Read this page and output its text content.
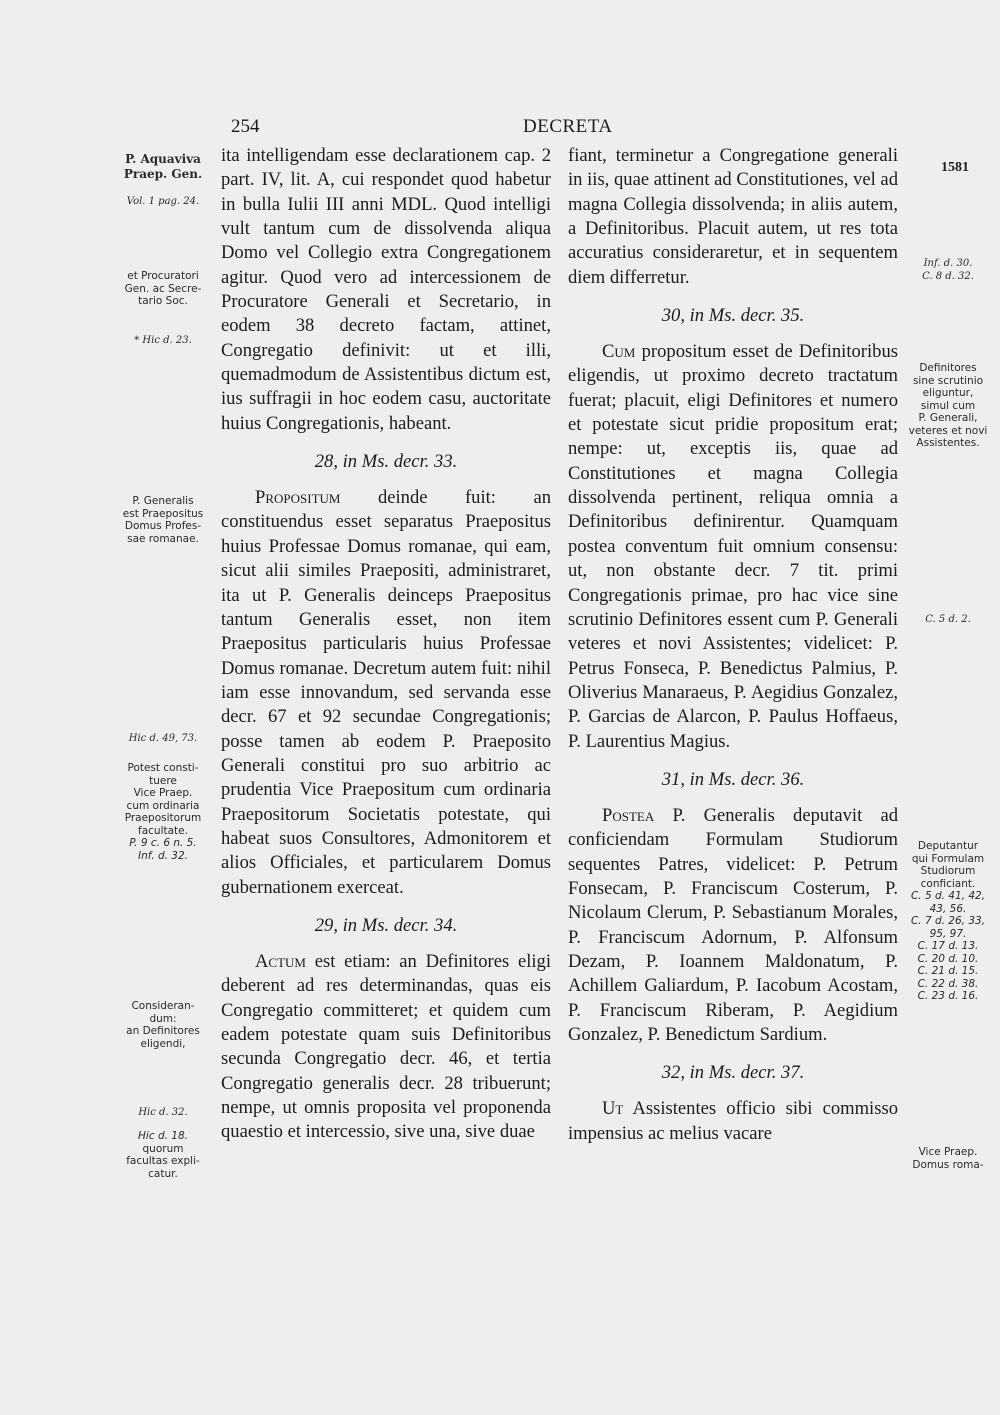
254	DECRETA
1581
P. Aquaviva
Praep. Gen.
Vol. 1 pag. 24.
et Procuratori
Gen. ac Secre-
tario Soc.
* Hic d. 23.
P. Generalis
est Praepositus
Domus Profes-
sae romanae.
Hic d. 49, 73.
Potest consti-
tuere
Vice Praep.
cum ordinaria
Praepositorum
facultate.
P. 9 c. 6 n. 5.
Inf. d. 32.
Consideran-
dum:
an Definitores
eligendi,
Hic d. 32.
Hic d. 18.
quorum
facultas expli-
catur.
Inf. d. 30.
C. 8 d. 32.
Definitores
sine scrutinio
eliguntur,
simul cum
P. Generali,
veteres et novi
Assistentes.
C. 5 d. 2.
Deputantur
qui Formulam
Studiorum
conficiant.
C. 5 d. 41, 42,
43, 56.
C. 7 d. 26, 33,
95, 97.
C. 17 d. 13.
C. 20 d. 10.
C. 21 d. 15.
C. 22 d. 38.
C. 23 d. 16.
Vice Praep.
Domus roma-

ita intelligendam esse declarationem cap. 2 part. IV, lit. A, cui respondet quod habetur in bulla Iulii III anni MDL. Quod intelligi vult tantum cum de dissolvenda aliqua Domo vel Collegio extra Congregationem agitur. Quod vero ad intercessionem de Procuratore Generali et Secretario, in eodem 38 decreto factam, attinet, Congregatio definivit: ut et illi, quemadmodum de Assistentibus dictum est, ius suffragii in hoc eodem casu, auctoritate huius Congregationis, habeant.

28, in Ms. decr. 33.

Propositum deinde fuit: an constituendus esset separatus Praepositus huius Professae Domus romanae, qui eam, sicut alii similes Praepositi, administraret, ita ut P. Generalis deinceps Praepositus tantum Generalis esset, non item Praepositus particularis huius Professae Domus romanae. Decretum autem fuit: nihil iam esse innovandum, sed servanda esse decr. 67 et 92 secundae Congregationis; posse tamen ab eodem P. Praeposito Generali constitui pro suo arbitrio ac prudentia Vice Praepositum cum ordinaria Praepositorum Societatis potestate, qui habeat suos Consultores, Admonitorem et alios Officiales, et particularem Domus gubernationem exerceat.

29, in Ms. decr. 34.

Actum est etiam: an Definitores eligi deberent ad res determinandas, quas eis Congregatio committeret; et quidem cum eadem potestate quam suis Definitoribus secunda Congregatio decr. 46, et tertia Congregatio generalis decr. 28 tribuerunt; nempe, ut omnis proposita vel proponenda quaestio et intercessio, sive una, sive duae

fiant, terminetur a Congregatione generali in iis, quae attinent ad Constitutiones, vel ad magna Collegia dissolvenda; in aliis autem, a Definitoribus. Placuit autem, ut res tota accuratius consideraretur, et in sequentem diem differretur.

30, in Ms. decr. 35.

Cum propositum esset de Definitoribus eligendis, ut proximo decreto tractatum fuerat; placuit, eligi Definitores et numero et potestate sicut pridie propositum erat; nempe: ut, exceptis iis, quae ad Constitutiones et magna Collegia dissolvenda pertinent, reliqua omnia a Definitoribus definirentur. Quamquam postea conventum fuit omnium consensu: ut, non obstante decr. 7 tit. primi Congregationis primae, pro hac vice sine scrutinio Definitores essent cum P. Generali veteres et novi Assistentes; videlicet: P. Petrus Fonseca, P. Benedictus Palmius, P. Oliverius Manaraeus, P. Aegidius Gonzalez, P. Garcias de Alarcon, P. Paulus Hoffaeus, P. Laurentius Magius.

31, in Ms. decr. 36.

Postea P. Generalis deputavit ad conficiendam Formulam Studiorum sequentes Patres, videlicet: P. Petrum Fonsecam, P. Franciscum Costerum, P. Nicolaum Clerum, P. Sebastianum Morales, P. Franciscum Adornum, P. Alfonsum Dezam, P. Ioannem Maldonatum, P. Achillem Galiardum, P. Iacobum Acostam, P. Franciscum Riberam, P. Aegidium Gonzalez, P. Benedictum Sardium.

32, in Ms. decr. 37.

Ut Assistentes officio sibi commisso impensius ac melius vacare
